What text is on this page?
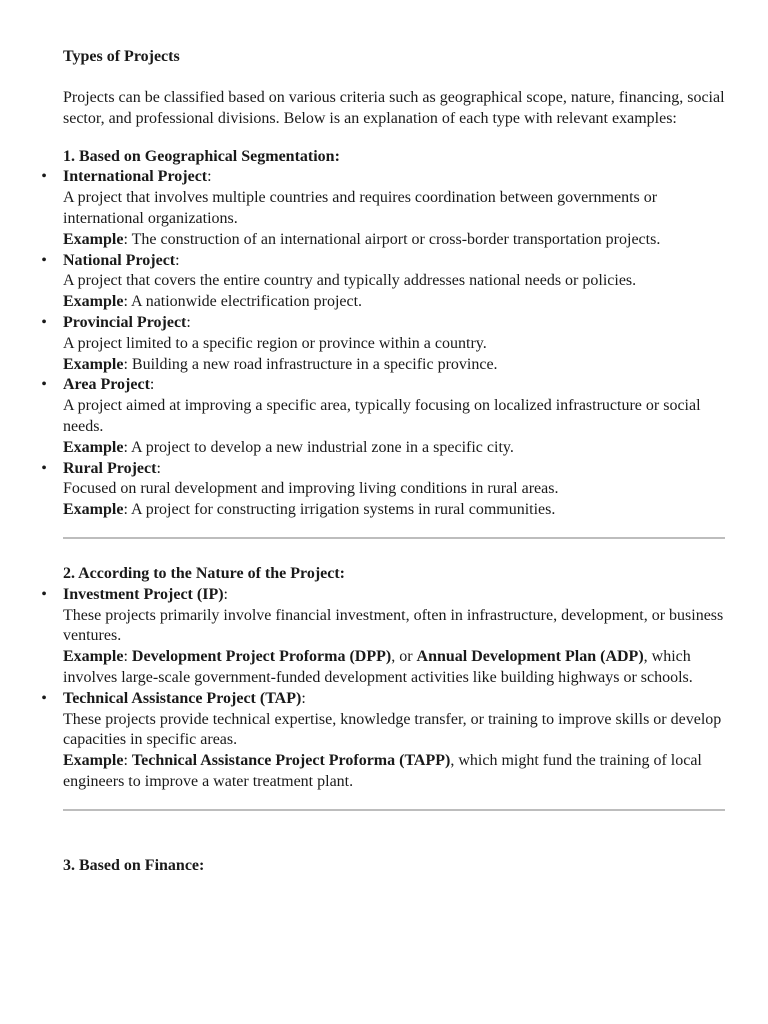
Types of Projects

Projects can be classified based on various criteria such as geographical scope, nature, financing, social sector, and professional divisions. Below is an explanation of each type with relevant examples:

1. Based on Geographical Segmentation:

• International Project:
A project that involves multiple countries and requires coordination between governments or international organizations.
Example: The construction of an international airport or cross-border transportation projects.
• National Project:
A project that covers the entire country and typically addresses national needs or policies.
Example: A nationwide electrification project.
• Provincial Project:
A project limited to a specific region or province within a country.
Example: Building a new road infrastructure in a specific province.
• Area Project:
A project aimed at improving a specific area, typically focusing on localized infrastructure or social needs.
Example: A project to develop a new industrial zone in a specific city.
• Rural Project:
Focused on rural development and improving living conditions in rural areas.
Example: A project for constructing irrigation systems in rural communities.

2. According to the Nature of the Project:

• Investment Project (IP):
These projects primarily involve financial investment, often in infrastructure, development, or business ventures.
Example: Development Project Proforma (DPP), or Annual Development Plan (ADP), which involves large-scale government-funded development activities like building highways or schools.
• Technical Assistance Project (TAP):
These projects provide technical expertise, knowledge transfer, or training to improve skills or develop capacities in specific areas.
Example: Technical Assistance Project Proforma (TAPP), which might fund the training of local engineers to improve a water treatment plant.

3. Based on Finance:
